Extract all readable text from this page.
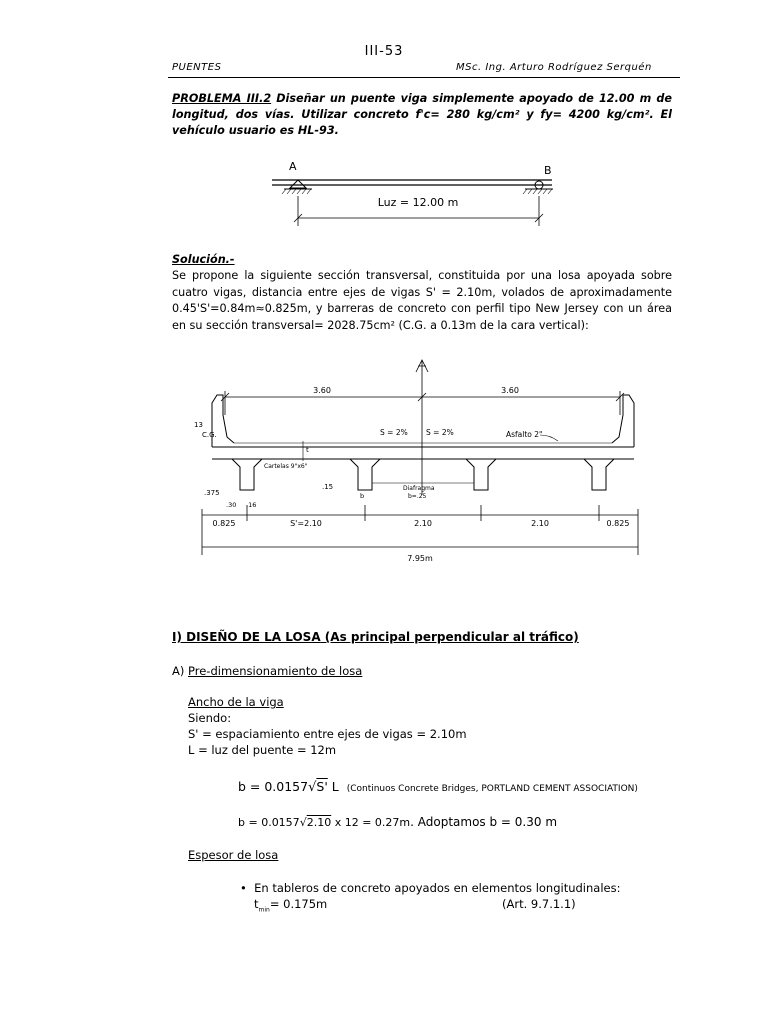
III-53
PUENTES	MSc. Ing. Arturo Rodríguez Serquén
PROBLEMA III.2 Diseñar un puente viga simplemente apoyado de 12.00 m de longitud, dos vías. Utilizar concreto f'c= 280 kg/cm² y fy= 4200 kg/cm². El vehículo usuario es HL-93.
A	B
Luz = 12.00 m
Solución.-
Se propone la siguiente sección transversal, constituida por una losa apoyada sobre cuatro vigas, distancia entre ejes de vigas S' = 2.10m, volados de aproximadamente 0.45'S'=0.84m≈0.825m, y barreras de concreto con perfil tipo New Jersey con un área en su sección transversal= 2028.75cm² (C.G. a 0.13m de la cara vertical):
3.60	3.60
13
C.G.	S = 2% S = 2%	Asfalto 2"
t
Cartelas 9"x6"
.15
b
Diafragma
b=.25
.375
.30 .16
0.825	S'=2.10	2.10	2.10	0.825
7.95m
I) DISEÑO DE LA LOSA (As principal perpendicular al tráfico)
A) Pre-dimensionamiento de losa
Ancho de la viga
Siendo:
S' = espaciamiento entre ejes de vigas = 2.10m
L = luz del puente = 12m
b = 0.0157√S' L (Continuos Concrete Bridges, PORTLAND CEMENT ASSOCIATION)
b = 0.0157√2.10 x 12 = 0.27m. Adoptamos b = 0.30 m
Espesor de losa
•  En tableros de concreto apoyados en elementos longitudinales:
$t_{min}= 0.175m$	(Art. 9.7.1.1)
